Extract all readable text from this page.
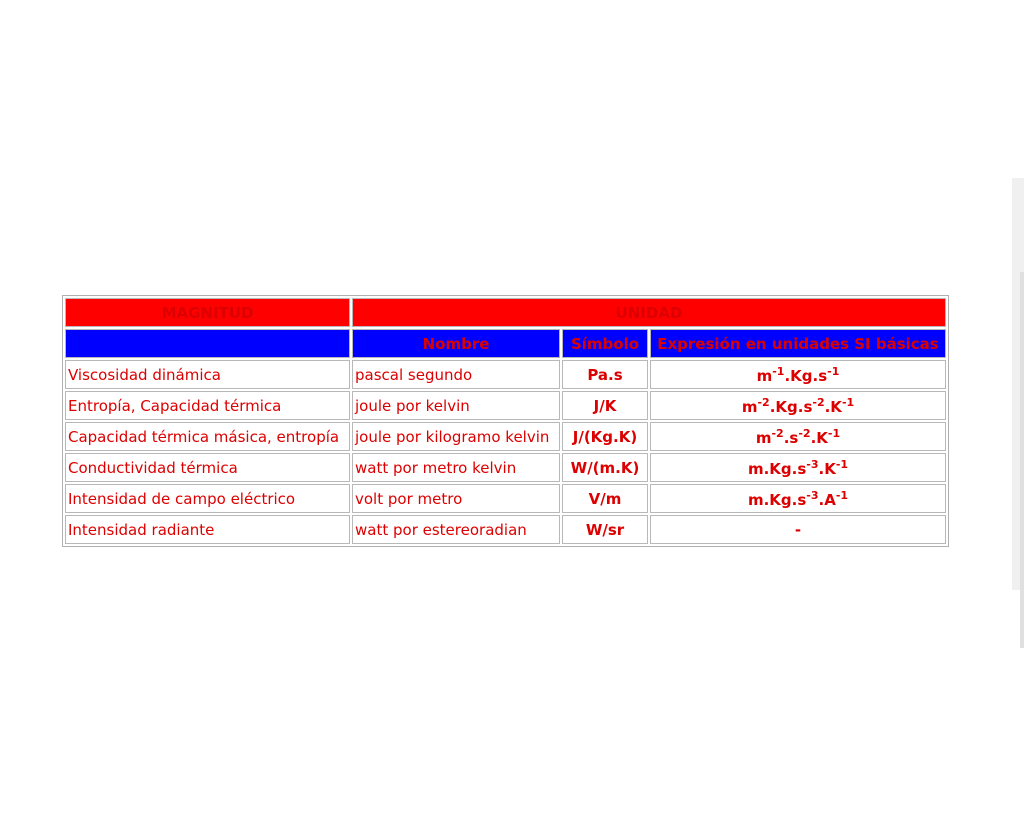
MAGNITUD	UNIDAD		
	Nombre	Símbolo	Expresión en unidades SI básicas
Viscosidad dinámica	pascal segundo	Pa.s	$m^{-1}.Kg.s^{-1}$
Entropía, Capacidad térmica	joule por kelvin	J/K	$m^{-2}.Kg.s^{-2}.K^{-1}$
Capacidad térmica másica, entropía	joule por kilogramo kelvin	J/(Kg.K)	$m^{-2}.s^{-2}.K^{-1}$
Conductividad térmica	watt por metro kelvin	W/(m.K)	$m.Kg.s^{-3}.K^{-1}$
Intensidad de campo eléctrico	volt por metro	V/m	$m.Kg.s^{-3}.A^{-1}$
Intensidad radiante	watt por estereoradian	W/sr	-
